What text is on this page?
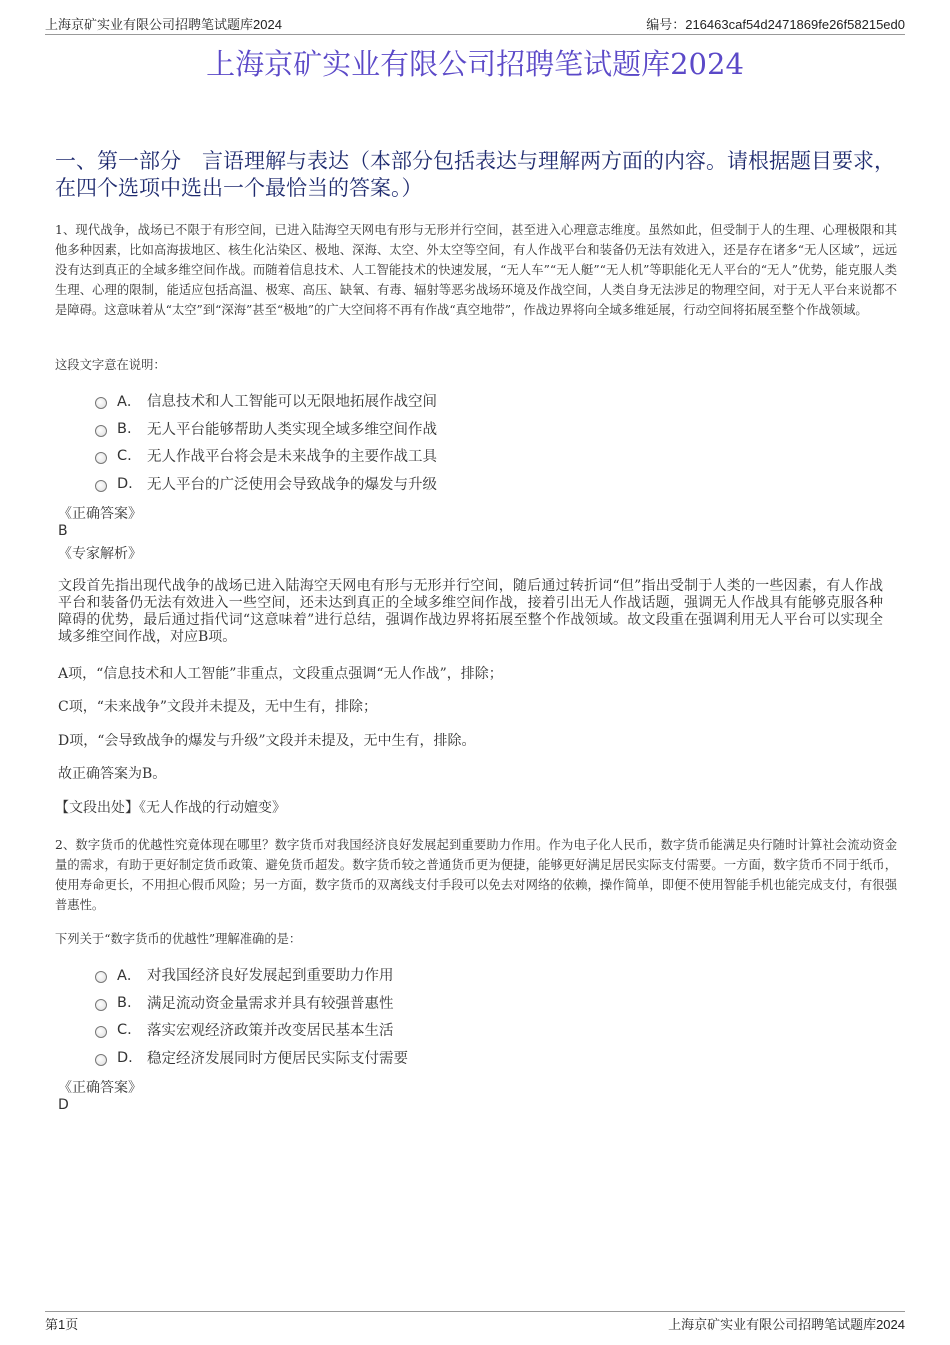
上海京矿实业有限公司招聘笔试题库2024	编号：216463caf54d2471869fe26f58215ed0
上海京矿实业有限公司招聘笔试题库2024
一、第一部分　言语理解与表达（本部分包括表达与理解两方面的内容。请根据题目要求，在四个选项中选出一个最恰当的答案。）
1、现代战争，战场已不限于有形空间，已进入陆海空天网电有形与无形并行空间，甚至进入心理意志维度。虽然如此，但受制于人的生理、心理极限和其他多种因素，比如高海拔地区、核生化沾染区、极地、深海、太空、外太空等空间，有人作战平台和装备仍无法有效进入，还是存在诸多“无人区域”，远远没有达到真正的全域多维空间作战。而随着信息技术、人工智能技术的快速发展，“无人车”“无人艇”“无人机”等职能化无人平台的“无人”优势，能克服人类生理、心理的限制，能适应包括高温、极寒、高压、缺氧、有毒、辐射等恶劣战场环境及作战空间，人类自身无法涉足的物理空间，对于无人平台来说都不是障碍。这意味着从“太空”到“深海”甚至“极地”的广大空间将不再有作战“真空地带”，作战边界将向全域多维延展，行动空间将拓展至整个作战领域。
这段文字意在说明：
A． 信息技术和人工智能可以无限地拓展作战空间
B.	无人平台能够帮助人类实现全域多维空间作战
C.	无人作战平台将会是未来战争的主要作战工具
D. 无人平台的广泛使用会导致战争的爆发与升级
《正确答案》
B
《专家解析》
文段首先指出现代战争的战场已进入陆海空天网电有形与无形并行空间，随后通过转折词“但”指出受制于人类的一些因素，有人作战平台和装备仍无法有效进入一些空间，还未达到真正的全域多维空间作战，接着引出无人作战话题，强调无人作战具有能够克服各种障碍的优势，最后通过指代词“这意味着”进行总结，强调作战边界将拓展至整个作战领域。故文段重在强调利用无人平台可以实现全域多维空间作战，对应B项。
A项，“信息技术和人工智能”非重点，文段重点强调“无人作战”，排除；
C项，“未来战争”文段并未提及，无中生有，排除；
D项，“会导致战争的爆发与升级”文段并未提及，无中生有，排除。
故正确答案为B。
【文段出处】《无人作战的行动嬗变》
2、数字货币的优越性究竟体现在哪里？数字货币对我国经济良好发展起到重要助力作用。作为电子化人民币，数字货币能满足央行随时计算社会流动资金量的需求，有助于更好制定货币政策、避免货币超发。数字货币较之普通货币更为便捷，能够更好满足居民实际支付需要。一方面，数字货币不同于纸币，使用寿命更长，不用担心假币风险；另一方面，数字货币的双离线支付手段可以免去对网络的依赖，操作简单，即便不使用智能手机也能完成支付，有很强普惠性。
下列关于“数字货币的优越性”理解准确的是：
A． 对我国经济良好发展起到重要助力作用
B.	满足流动资金量需求并具有较强普惠性
C.	落实宏观经济政策并改变居民基本生活
D. 稳定经济发展同时方便居民实际支付需要
《正确答案》
D
第1页	上海京矿实业有限公司招聘笔试题库2024
